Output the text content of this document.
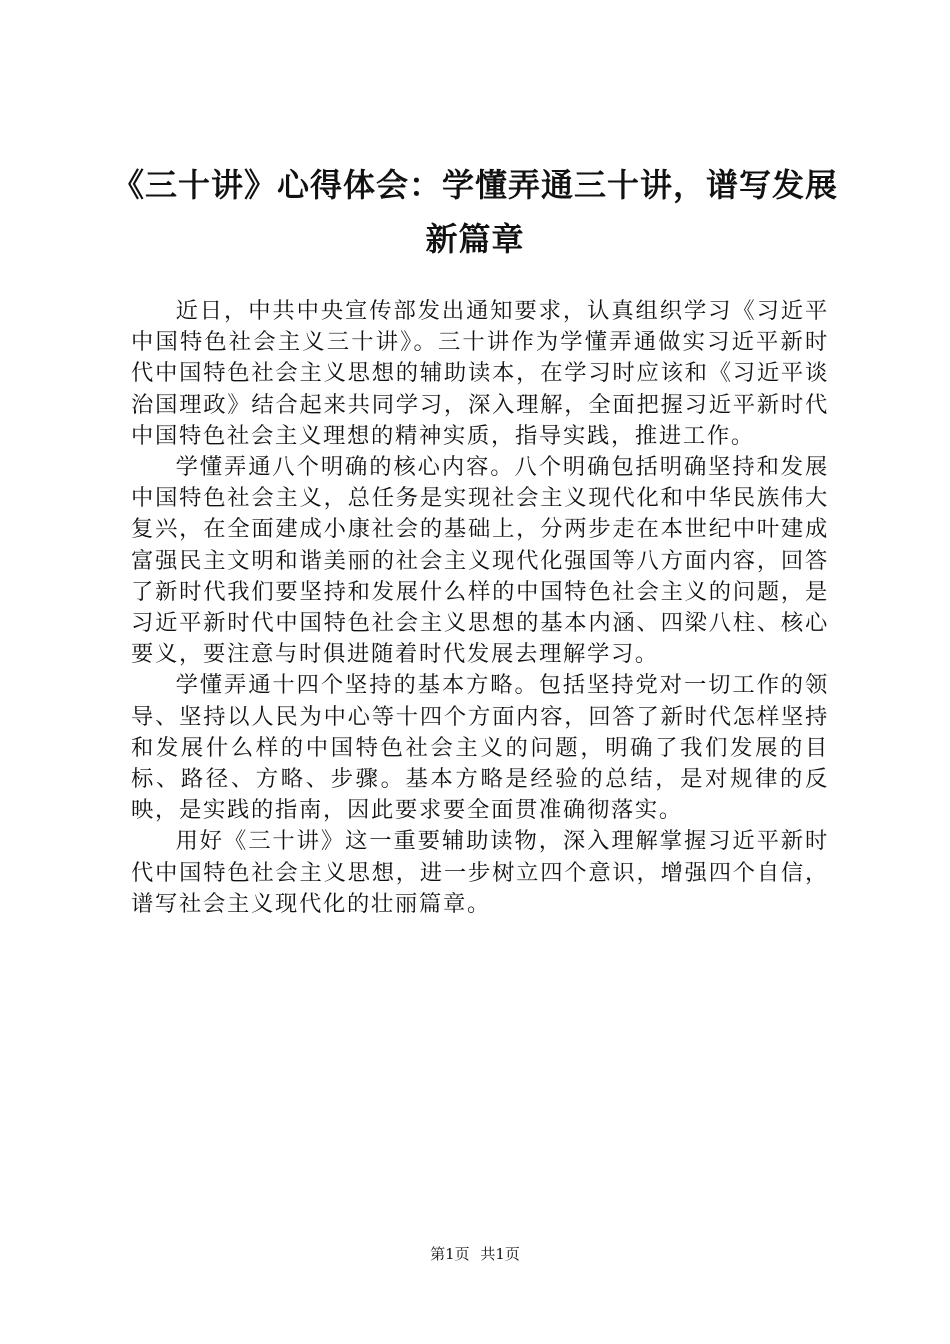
《三十讲》心得体会：学懂弄通三十讲，谱写发展新篇章

近日，中共中央宣传部发出通知要求，认真组织学习《习近平中国特色社会主义三十讲》。三十讲作为学懂弄通做实习近平新时代中国特色社会主义思想的辅助读本，在学习时应该和《习近平谈治国理政》结合起来共同学习，深入理解，全面把握习近平新时代中国特色社会主义理想的精神实质，指导实践，推进工作。

学懂弄通八个明确的核心内容。八个明确包括明确坚持和发展中国特色社会主义，总任务是实现社会主义现代化和中华民族伟大复兴，在全面建成小康社会的基础上，分两步走在本世纪中叶建成富强民主文明和谐美丽的社会主义现代化强国等八方面内容，回答了新时代我们要坚持和发展什么样的中国特色社会主义的问题，是习近平新时代中国特色社会主义思想的基本内涵、四梁八柱、核心要义，要注意与时俱进随着时代发展去理解学习。

学懂弄通十四个坚持的基本方略。包括坚持党对一切工作的领导、坚持以人民为中心等十四个方面内容，回答了新时代怎样坚持和发展什么样的中国特色社会主义的问题，明确了我们发展的目标、路径、方略、步骤。基本方略是经验的总结，是对规律的反映，是实践的指南，因此要求要全面贯准确彻落实。

用好《三十讲》这一重要辅助读物，深入理解掌握习近平新时代中国特色社会主义思想，进一步树立四个意识，增强四个自信，谱写社会主义现代化的壮丽篇章。

第1页 共1页
